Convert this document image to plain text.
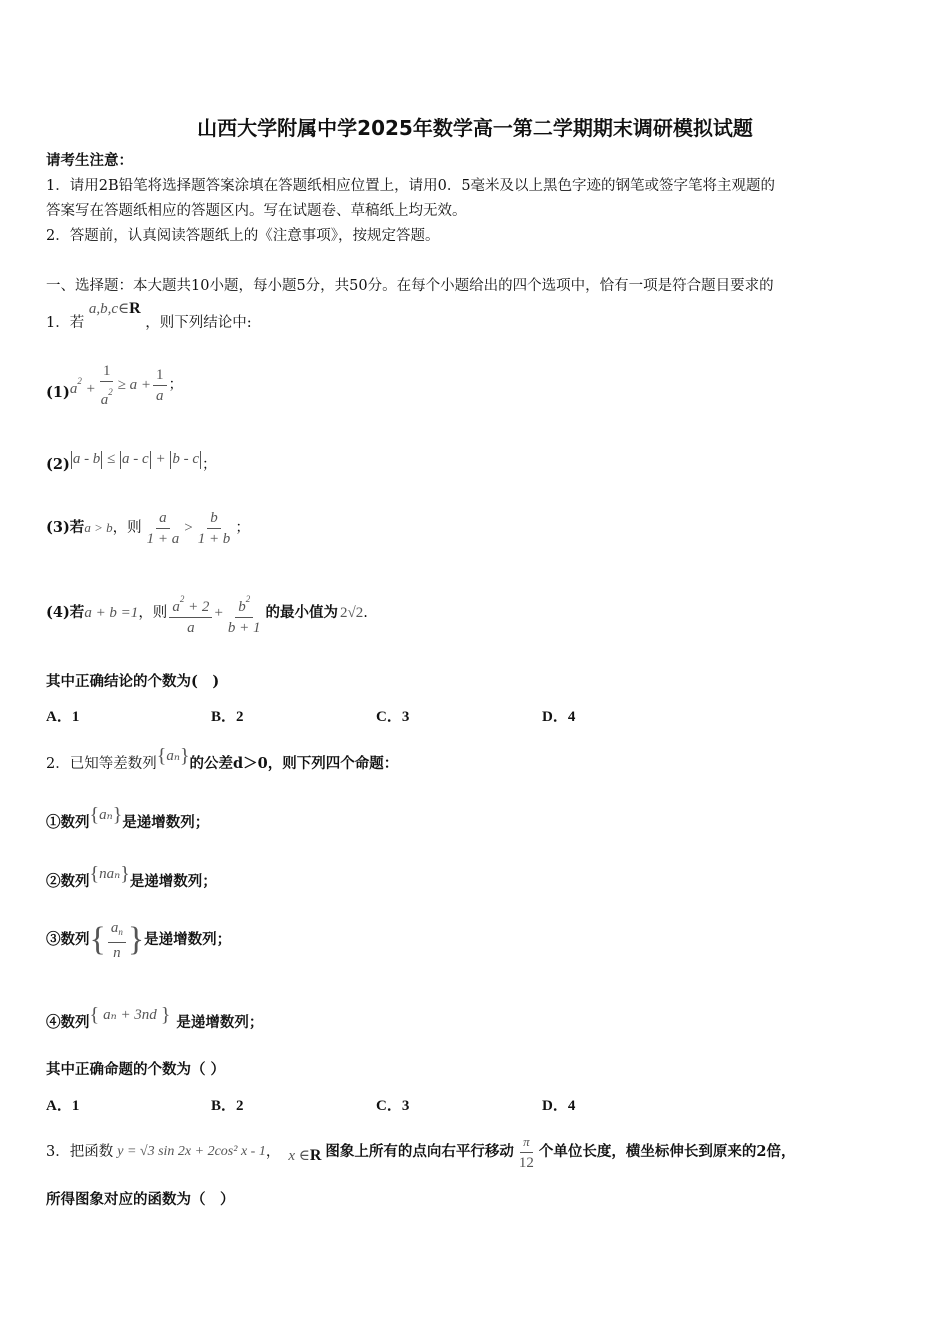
山西大学附属中学2025年数学高一第二学期期末调研模拟试题
请考生注意：
1．请用2B铅笔将选择题答案涂填在答题纸相应位置上，请用0．5毫米及以上黑色字迹的钢笔或签字笔将主观题的
答案写在答题纸相应的答题区内。写在试题卷、草稿纸上均无效。
2．答题前，认真阅读答题纸上的《注意事项》，按规定答题。
一、选择题：本大题共10小题，每小题5分，共50分。在每个小题给出的四个选项中，恰有一项是符合题目要求的
1．若 a,b,c∈R ，则下列结论中:
(1) $a^2 + \frac{1}{a^2} \ge a + \frac{1}{a}$ ；
(2) a - b ≤ a - c + b - c ；
(3)若 a > b ，则 $\frac{a}{1 + a} > \frac{b}{1 + b}$ ；
(4)若 a + b =1 ，则 $\frac{a^2 + 2}{a} + \frac{b^2}{b + 1}$ 的最小值为 2√2 .
其中正确结论的个数为(　)
A．1	B．2	C．3	D．4
2．已知等差数列 { aₙ } 的公差d＞0，则下列四个命题：
①数列 { aₙ } 是递增数列；
②数列 { naₙ } 是递增数列；
③数列 { $\frac{a_n}{n}$ } 是递增数列；
④数列 { aₙ + 3nd } 是递增数列；
其中正确命题的个数为（ ）
A．1	B．2	C．3	D．4
3．把函数 y = √3 sin 2x + 2cos² x - 1 ， x ∈R 图象上所有的点向右平行移动 $\frac{\pi}{12}$ 个单位长度，横坐标伸长到原来的2倍，
所得图象对应的函数为（　）
